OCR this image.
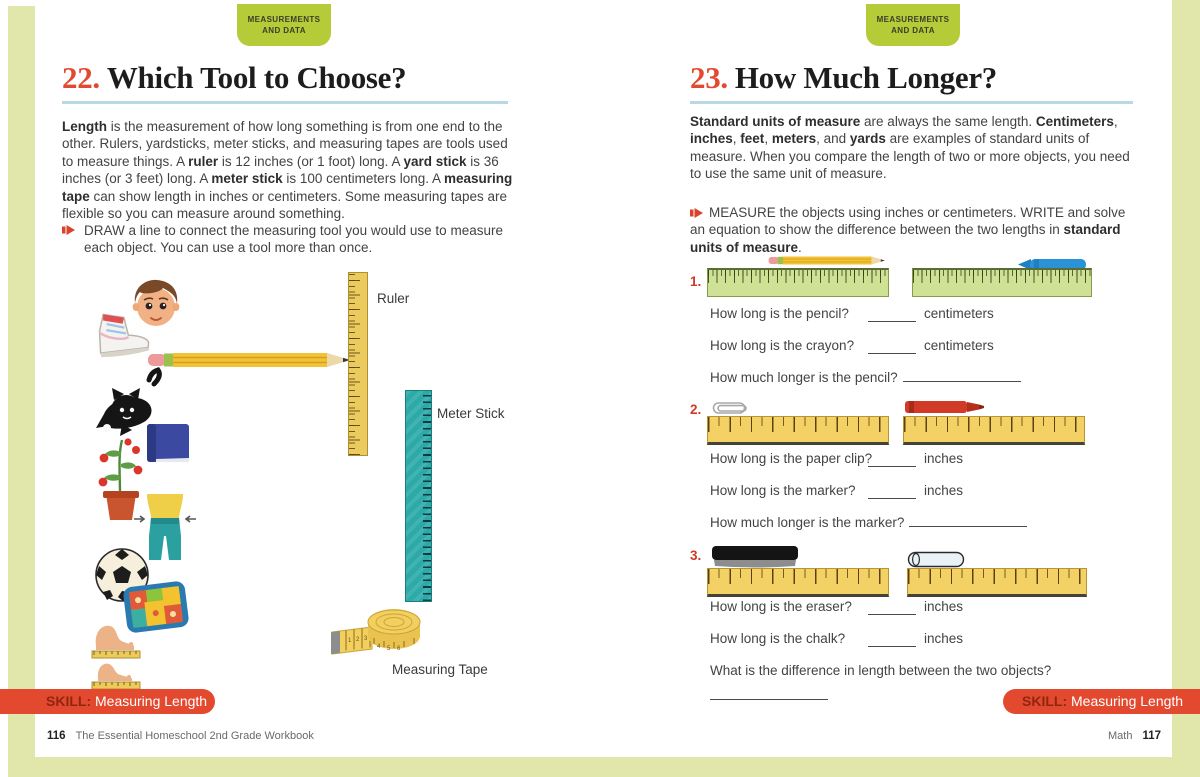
MEASUREMENTS
AND DATA
22. Which Tool to Choose?
Length is the measurement of how long something is from one end to the other. Rulers, yardsticks, meter sticks, and measuring tapes are tools used to measure things. A ruler is 12 inches (or 1 foot) long. A yard stick is 36 inches (or 3 feet) long. A meter stick is 100 centimeters long. A measuring tape can show length in inches or centimeters. Some measuring tapes are flexible so you can measure around something.
DRAW a line to connect the measuring tool you would use to measure each object. You can use a tool more than once.
Ruler
Meter Stick
1 2 3
4 5 6
Measuring Tape
SKILL: Measuring Length
116 The Essential Homeschool 2nd Grade Workbook
MEASUREMENTS
AND DATA
23. How Much Longer?
Standard units of measure are always the same length. Centimeters, inches, feet, meters, and yards are examples of standard units of measure. When you compare the length of two or more objects, you need to use the same unit of measure.
MEASURE the objects using inches or centimeters. WRITE and solve an equation to show the difference between the two lengths in standard units of measure.
1.
How long is the pencil?	centimeters
How long is the crayon?	centimeters
How much longer is the pencil?
2.
How long is the paper clip?	inches
How long is the marker?	inches
How much longer is the marker?
3.
How long is the eraser?	inches
How long is the chalk?	inches
What is the difference in length between the two objects?
SKILL: Measuring Length
Math 117
